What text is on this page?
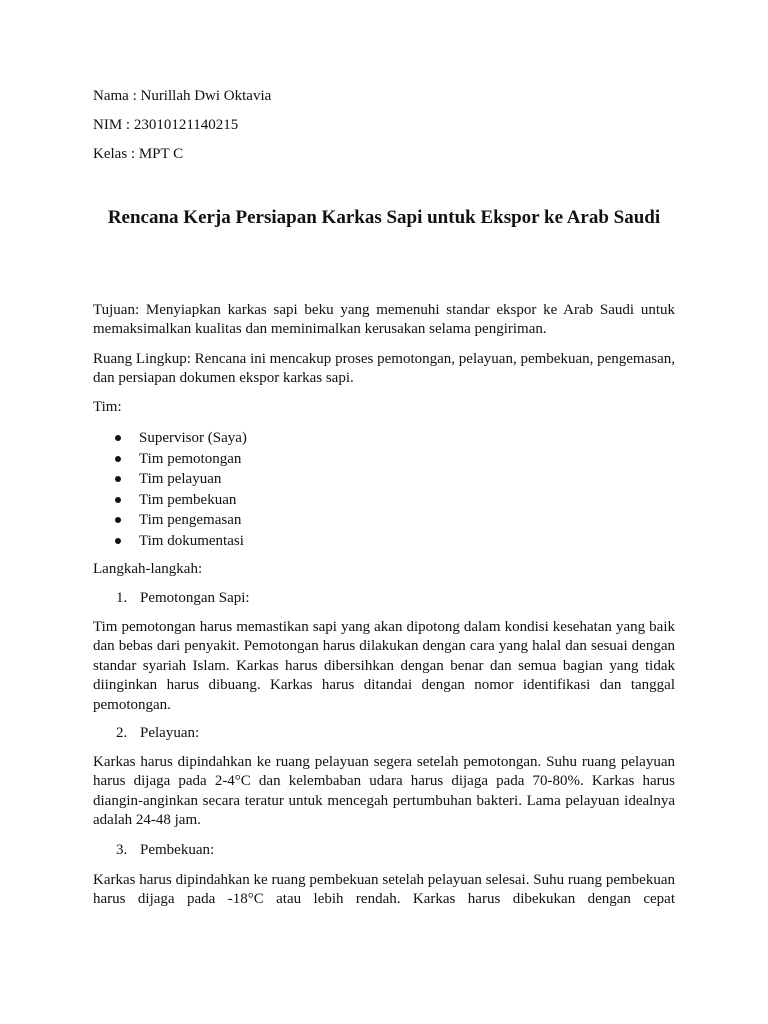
Nama : Nurillah Dwi Oktavia
NIM : 23010121140215
Kelas : MPT C
Rencana Kerja Persiapan Karkas Sapi untuk Ekspor ke Arab Saudi
Tujuan: Menyiapkan karkas sapi beku yang memenuhi standar ekspor ke Arab Saudi untuk memaksimalkan kualitas dan meminimalkan kerusakan selama pengiriman.
Ruang Lingkup: Rencana ini mencakup proses pemotongan, pelayuan, pembekuan, pengemasan, dan persiapan dokumen ekspor karkas sapi.
Tim:
Supervisor (Saya)
Tim pemotongan
Tim pelayuan
Tim pembekuan
Tim pengemasan
Tim dokumentasi
Langkah-langkah:
1. Pemotongan Sapi:
Tim pemotongan harus memastikan sapi yang akan dipotong dalam kondisi kesehatan yang baik dan bebas dari penyakit. Pemotongan harus dilakukan dengan cara yang halal dan sesuai dengan standar syariah Islam. Karkas harus dibersihkan dengan benar dan semua bagian yang tidak diinginkan harus dibuang. Karkas harus ditandai dengan nomor identifikasi dan tanggal pemotongan.
2. Pelayuan:
Karkas harus dipindahkan ke ruang pelayuan segera setelah pemotongan. Suhu ruang pelayuan harus dijaga pada 2-4°C dan kelembaban udara harus dijaga pada 70-80%. Karkas harus diangin-anginkan secara teratur untuk mencegah pertumbuhan bakteri. Lama pelayuan idealnya adalah 24-48 jam.
3. Pembekuan:
Karkas harus dipindahkan ke ruang pembekuan setelah pelayuan selesai. Suhu ruang pembekuan harus dijaga pada -18°C atau lebih rendah. Karkas harus dibekukan dengan cepat
